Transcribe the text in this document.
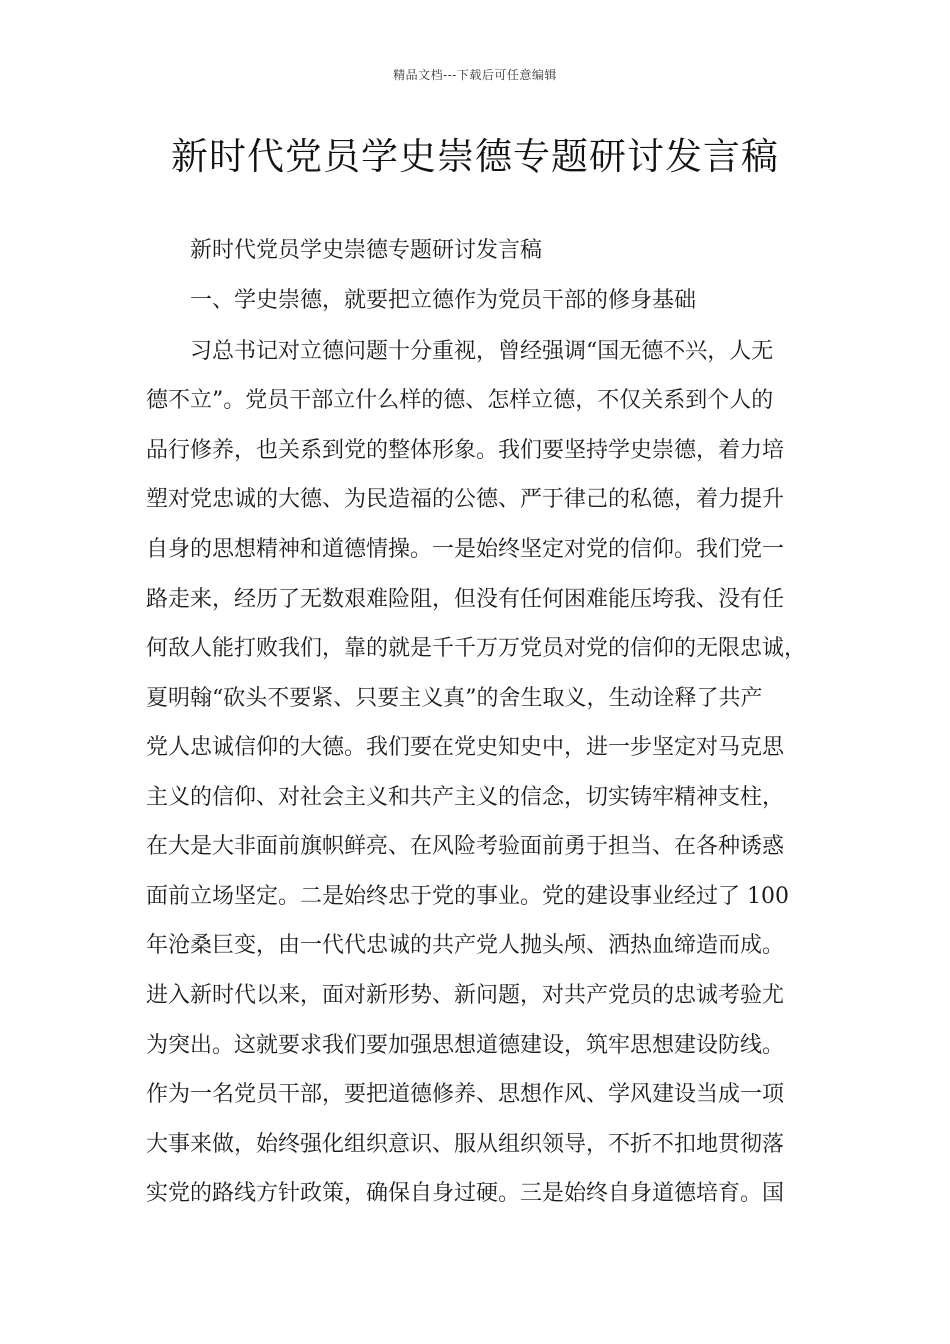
精品文档---下载后可任意编辑
新时代党员学史崇德专题研讨发言稿
新时代党员学史崇德专题研讨发言稿
一、学史崇德，就要把立德作为党员干部的修身基础
习总书记对立德问题十分重视，曾经强调“国无德不兴，人无
德不立”。党员干部立什么样的德、怎样立德，不仅关系到个人的
品行修养，也关系到党的整体形象。我们要坚持学史崇德，着力培
塑对党忠诚的大德、为民造福的公德、严于律己的私德，着力提升
自身的思想精神和道德情操。一是始终坚定对党的信仰。我们党一
路走来，经历了无数艰难险阻，但没有任何困难能压垮我、没有任
何敌人能打败我们，靠的就是千千万万党员对党的信仰的无限忠诚，
夏明翰“砍头不要紧、只要主义真”的舍生取义，生动诠释了共产
党人忠诚信仰的大德。我们要在党史知史中，进一步坚定对马克思
主义的信仰、对社会主义和共产主义的信念，切实铸牢精神支柱，
在大是大非面前旗帜鲜亮、在风险考验面前勇于担当、在各种诱惑
面前立场坚定。二是始终忠于党的事业。党的建设事业经过了 100
年沧桑巨变，由一代代忠诚的共产党人抛头颅、洒热血缔造而成。
进入新时代以来，面对新形势、新问题，对共产党员的忠诚考验尤
为突出。这就要求我们要加强思想道德建设，筑牢思想建设防线。
作为一名党员干部，要把道德修养、思想作风、学风建设当成一项
大事来做，始终强化组织意识、服从组织领导，不折不扣地贯彻落
实党的路线方针政策，确保自身过硬。三是始终自身道德培育。国
